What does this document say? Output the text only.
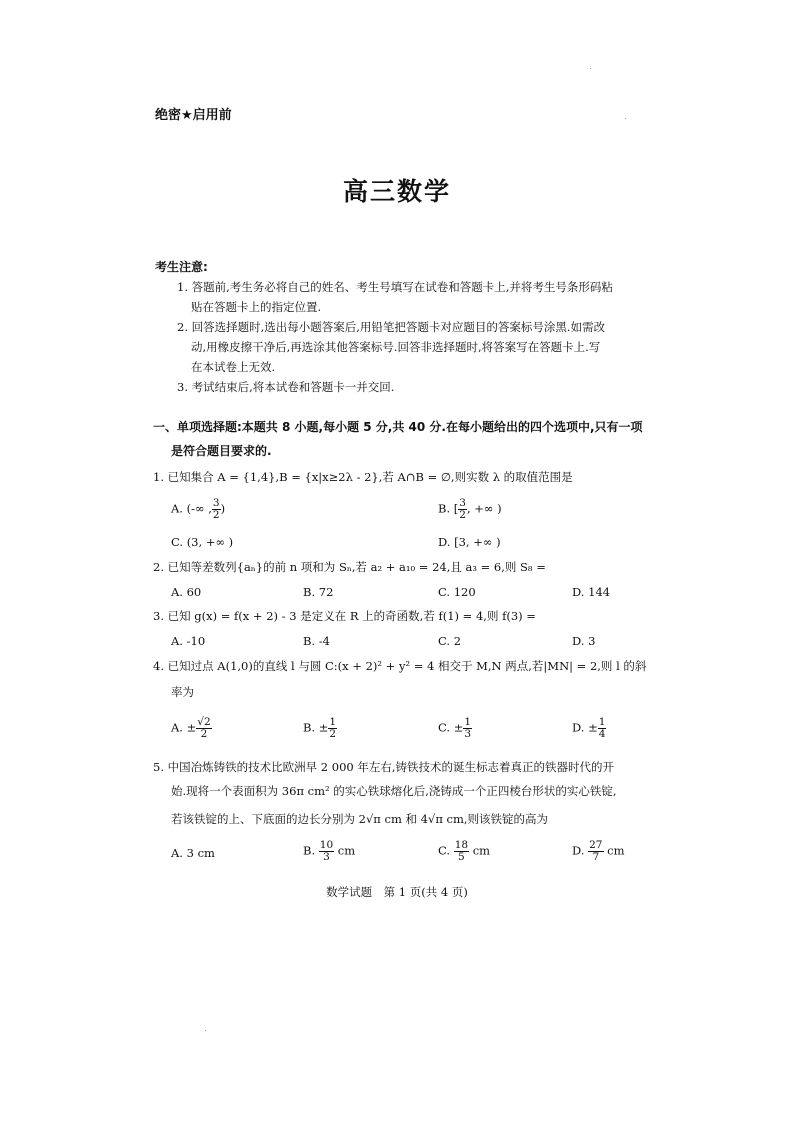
绝密★启用前
高三数学
考生注意:
1. 答题前,考生务必将自己的姓名、考生号填写在试卷和答题卡上,并将考生号条形码粘
贴在答题卡上的指定位置.
2. 回答选择题时,选出每小题答案后,用铅笔把答题卡对应题目的答案标号涂黑.如需改
动,用橡皮擦干净后,再选涂其他答案标号.回答非选择题时,将答案写在答题卡上.写
在本试卷上无效.
3. 考试结束后,将本试卷和答题卡一并交回.
一、单项选择题:本题共 8 小题,每小题 5 分,共 40 分.在每小题给出的四个选项中,只有一项
是符合题目要求的.
1. 已知集合 A = {1,4},B = {x|x≥2λ - 2},若 A∩B = ∅,则实数 λ 的取值范围是
A. (-∞ , $\frac{3}{2}$ )	B. [ $\frac{3}{2}$ , +∞ )
C. (3, +∞ )	D. [3, +∞ )
2. 已知等差数列{aₙ}的前 n 项和为 Sₙ,若 a₂ + a₁₀ = 24,且 a₃ = 6,则 S₈ =
A. 60	B. 72	C. 120	D. 144
3. 已知 g(x) = f(x + 2) - 3 是定义在 R 上的奇函数,若 f(1) = 4,则 f(3) =
A. -10	B. -4	C. 2	D. 3
4. 已知过点 A(1,0)的直线 l 与圆 C:(x + 2)² + y² = 4 相交于 M,N 两点,若|MN| = 2,则 l 的斜
率为
A. ± $\frac{√2}{2}$	B. ± $\frac{1}{2}$	C. ± $\frac{1}{3}$	D. ± $\frac{1}{4}$
5. 中国冶炼铸铁的技术比欧洲早 2 000 年左右,铸铁技术的诞生标志着真正的铁器时代的开
始.现将一个表面积为 36π cm² 的实心铁球熔化后,浇铸成一个正四棱台形状的实心铁锭,
若该铁锭的上、下底面的边长分别为 2√π cm 和 4√π cm,则该铁锭的高为
A. 3 cm	B. $\frac{10}{3}$ cm	C. $\frac{18}{5}$ cm	D. $\frac{27}{7}$ cm
数学试题　第 1 页(共 4 页)
